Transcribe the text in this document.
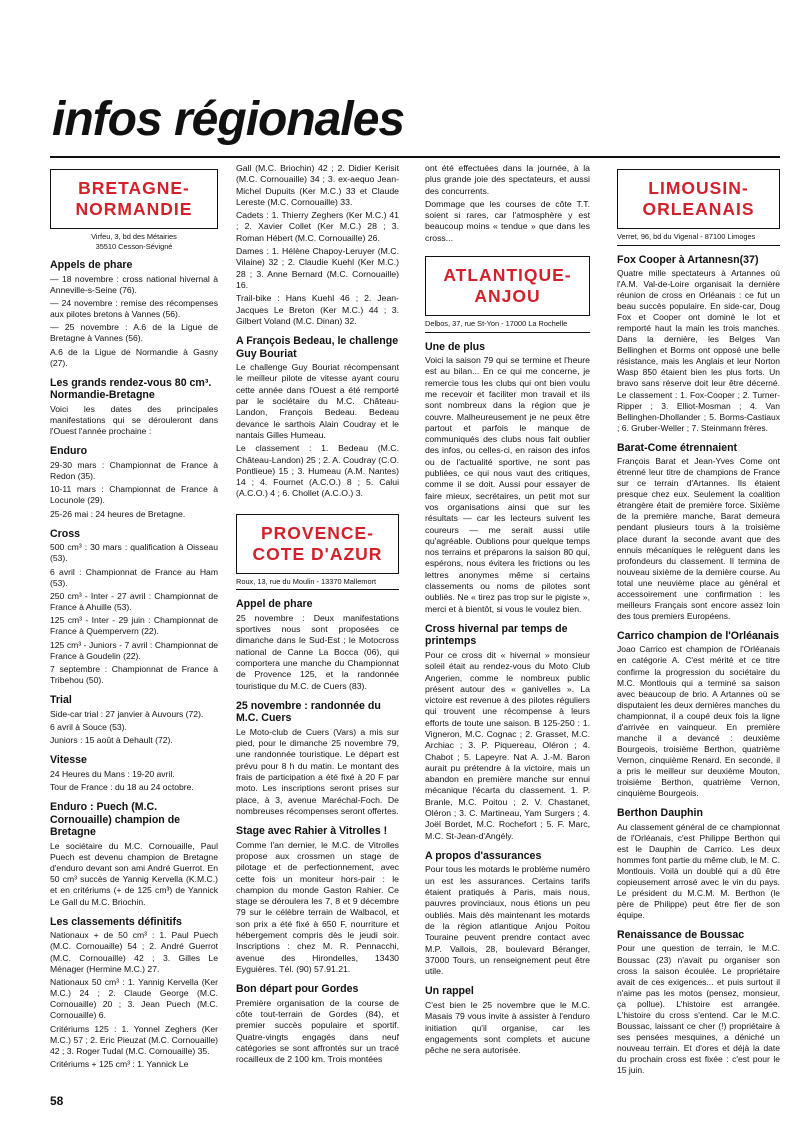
infos régionales
BRETAGNE-
NORMANDIE
Virfeu, 3, bd des Métairies
35510 Cesson-Sévigné
Appels de phare

— 18 novembre : cross national hivernal à Anneville-s-Seine (76).

— 24 novembre : remise des récompenses aux pilotes bretons à Vannes (56).

— 25 novembre : A.6 de la Ligue de Bretagne à Vannes (56).

A.6 de la Ligue de Normandie à Gasny (27).

Les grands rendez-vous 80 cm³. Normandie-Bretagne

Voici les dates des principales manifestations qui se dérouleront dans l'Ouest l'année prochaine :

Enduro

29-30 mars : Championnat de France à Redon (35).

10-11 mars : Championnat de France à Locunole (29).

25-26 mai : 24 heures de Bretagne.

Cross

500 cm³ : 30 mars : qualification à Oisseau (53).

6 avril : Championnat de France au Ham (53).

250 cm³ - Inter - 27 avril : Championnat de France à Ahuille (53).

125 cm³ - Inter - 29 juin : Championnat de France à Quempervern (22).

125 cm³ - Juniors - 7 avril : Championnat de France à Goudelin (22).

7 septembre : Championnat de France à Tribehou (50).

Trial

Side-car trial : 27 janvier à Auvours (72).

6 avril à Souce (53).

Juniors : 15 août à Dehault (72).

Vitesse

24 Heures du Mans : 19-20 avril.

Tour de France : du 18 au 24 octobre.

Enduro : Puech (M.C. Cornouaille) champion de Bretagne

Le sociétaire du M.C. Cornouaille, Paul Puech est devenu champion de Bretagne d'enduro devant son ami André Guerrot. En 50 cm³ succès de Yannig Kervella (K.M.C.) et en critériums (+ de 125 cm³) de Yannick Le Gall du M.C. Briochin.

Les classements définitifs

Nationaux + de 50 cm³ : 1. Paul Puech (M.C. Cornouaille) 54 ; 2. André Guerrot (M.C. Cornouaille) 42 ; 3. Gilles Le Ménager (Hermine M.C.) 27.

Nationaux 50 cm³ : 1. Yannig Kervella (Ker M.C.) 24 ; 2. Claude George (M.C. Cornouaille) 20 ; 3. Jean Puech (M.C. Cornouaille) 6.

Critériums 125 : 1. Yonnel Zeghers (Ker M.C.) 57 ; 2. Eric Pieuzat (M.C. Cornouaille) 42 ; 3. Roger Tudal (M.C. Cornouaille) 35.

Critériums + 125 cm³ : 1. Yannick Le

Gall (M.C. Briochin) 42 ; 2. Didier Kerisit (M.C. Cornouaille) 34 ; 3. ex-aequo Jean-Michel Dupuits (Ker M.C.) 33 et Claude Lereste (M.C. Cornouaille) 33.

Cadets : 1. Thierry Zeghers (Ker M.C.) 41 ; 2. Xavier Collet (Ker M.C.) 28 ; 3. Roman Hébert (M.C. Cornouaille) 26.

Dames : 1. Hélène Chapoy-Leruyer (M.C. Vilaine) 32 ; 2. Claudie Kuehl (Ker M.C.) 28 ; 3. Anne Bernard (M.C. Cornouaille) 16.

Trail-bike : Hans Kuehl 46 ; 2. Jean-Jacques Le Breton (Ker M.C.) 44 ; 3. Gilbert Voland (M.C. Dinan) 32.

A François Bedeau, le challenge Guy Bouriat

Le challenge Guy Bouriat récompensant le meilleur pilote de vitesse ayant couru cette année dans l'Ouest a été remporté par le sociétaire du M.C. Château-Landon, François Bedeau. Bedeau devance le sarthois Alain Coudray et le nantais Gilles Humeau.

Le classement : 1. Bedeau (M.C. Château-Landon) 25 ; 2. A. Coudray (C.O. Pontlieue) 15 ; 3. Humeau (A.M. Nantes) 14 ; 4. Fournet (A.C.O.) 8 ; 5. Calui (A.C.O.) 4 ; 6. Chollet (A.C.O.) 3.

PROVENCE-
COTE D'AZUR
Roux, 13, rue du Moulin - 13370 Mallemort
Appel de phare

25 novembre : Deux manifestations sportives nous sont proposées ce dimanche dans le Sud-Est ; le Motocross national de Canne La Bocca (06), qui comportera une manche du Championnat de Provence 125, et la randonnée touristique du M.C. de Cuers (83).

25 novembre : randonnée du M.C. Cuers

Le Moto-club de Cuers (Vars) a mis sur pied, pour le dimanche 25 novembre 79, une randonnée touristique. Le départ est prévu pour 8 h du matin. Le montant des frais de participation a été fixé à 20 F par moto. Les inscriptions seront prises sur place, à 3, avenue Maréchal-Foch. De nombreuses récompenses seront offertes.

Stage avec Rahier à Vitrolles !

Comme l'an dernier, le M.C. de Vitrolles propose aux crossmen un stage de pilotage et de perfectionnement, avec cette fois un moniteur hors-pair : le champion du monde Gaston Rahier. Ce stage se déroulera les 7, 8 et 9 décembre 79 sur le célèbre terrain de Walbacol, et son prix a été fixé à 650 F, nourriture et hébergement compris dès le jeudi soir. Inscriptions : chez M. R. Pennacchi, avenue des Hirondelles, 13430 Eyguières. Tél. (90) 57.91.21.

Bon départ pour Gordes

Première organisation de la course de côte tout-terrain de Gordes (84), et premier succès populaire et sportif. Quatre-vingts engagés dans neuf catégories se sont affrontés sur un tracé rocailleux de 2 100 km. Trois montées

ont été effectuées dans la journée, à la plus grande joie des spectateurs, et aussi des concurrents.

Dommage que les courses de côte T.T. soient si rares, car l'atmosphère y est beaucoup moins « tendue » que dans les cross...

ATLANTIQUE-
ANJOU
Delbos, 37, rue St-Yon - 17000 La Rochelle
Une de plus

Voici la saison 79 qui se termine et l'heure est au bilan... En ce qui me concerne, je remercie tous les clubs qui ont bien voulu me recevoir et faciliter mon travail et ils sont nombreux dans la région que je couvre. Malheureusement je ne peux être partout et parfois le manque de communiqués des clubs nous fait oublier des infos, ou celles-ci, en raison des infos ou de l'actualité sportive, ne sont pas publiées, ce qui nous vaut des critiques, comme il se doit. Aussi pour essayer de faire mieux, secrétaires, un petit mot sur vos organisations ainsi que sur les résultats — car les lecteurs suivent les coureurs — me serait aussi utile qu'agréable. Oublions pour quelque temps nos terrains et préparons la saison 80 qui, espérons, nous évitera les frictions ou les lettres anonymes même si certains classements ou noms de pilotes sont oubliés. Ne « tirez pas trop sur le pigiste », merci et à bientôt, si vous le voulez bien.

Cross hivernal par temps de printemps

Pour ce cross dit « hivernal » monsieur soleil était au rendez-vous du Moto Club Angerien, comme le nombreux public présent autour des « ganivelles ». La victoire est revenue à des pilotes réguliers qui trouvent une récompense à leurs efforts de toute une saison. B 125-250 : 1. Vigneron, M.C. Cognac ; 2. Grasset, M.C. Archiac ; 3. P. Piquereau, Oléron ; 4. Chabot ; 5. Lapeyre. Nat A. J.-M. Baron aurait pu prétendre à la victoire, mais un abandon en première manche sur ennui mécanique l'écarta du classement. 1. P. Branle, M.C. Poitou ; 2. V. Chastanet, Oléron ; 3. C. Martineau, Yam Surgers ; 4. Joël Bordet, M.C. Rochefort ; 5. F. Marc, M.C. St-Jean-d'Angély.

A propos d'assurances

Pour tous les motards le problème numéro un est les assurances. Certains tarifs étaient pratiqués à Paris, mais nous, pauvres provinciaux, nous étions un peu oubliés. Mais dès maintenant les motards de la région atlantique Anjou Poitou Touraine peuvent prendre contact avec M.P. Vallois, 28, boulevard Béranger, 37000 Tours, un renseignement peut être utile.

Un rappel

C'est bien le 25 novembre que le M.C. Masais 79 vous invite à assister à l'enduro initiation qu'il organise, car les engagements sont complets et aucune pêche ne sera autorisée.

LIMOUSIN-
ORLEANAIS
Verret, 96, bd du Vigenal - 87100 Limoges
Fox Cooper à Artannesn(37)

Quatre mille spectateurs à Artannes où l'A.M. Val-de-Loire organisait la dernière réunion de cross en Orléanais : ce fut un beau succès populaire. En side-car, Doug Fox et Cooper ont dominé le lot et remporté haut la main les trois manches. Dans la dernière, les Belges Van Bellinghen et Borms ont opposé une belle résistance, mais les Anglais et leur Norton Wasp 850 étaient bien les plus forts. Un bravo sans réserve doit leur être décerné. Le classement : 1. Fox-Cooper ; 2. Turner-Ripper ; 3. Elliot-Mosman ; 4. Van Bellinghen-Dhollander ; 5. Borms-Castiaux ; 6. Gruber-Weller ; 7. Steinmann frères.

Barat-Come étrennaient

François Barat et Jean-Yves Come ont étrenné leur titre de champions de France sur ce terrain d'Artannes. Ils étaient presque chez eux. Seulement la coalition étrangère était de première force. Sixième de la première manche, Barat demeura pendant plusieurs tours à la troisième place durant la seconde avant que des ennuis mécaniques le relèguent dans les profondeurs du classement. Il termina de nouveau sixième de la dernière course. Au total une neuvième place au général et accessoirement une confirmation : les meilleurs Français sont encore assez loin des tous premiers Européens.

Carrico champion de l'Orléanais

Joao Carrico est champion de l'Orléanais en catégorie A. C'est mérité et ce titre confirme la progression du sociétaire du M.C. Montlouis qui a terminé sa saison avec beaucoup de brio. A Artannes où se disputaient les deux dernières manches du championnat, il a coupé deux fois la ligne d'arrivée en vainqueur. En première manche il a devancé : deuxième Bourgeois, troisième Berthon, quatrième Vernon, cinquième Renard. En seconde, il a pris le meilleur sur deuxième Mouton, troisième Berthon, quatrième Vernon, cinquième Bourgeois.

Berthon Dauphin

Au classement général de ce championnat de l'Orléanais, c'est Philippe Berthon qui est le Dauphin de Carrico. Les deux hommes font partie du même club, le M. C. Montlouis. Voilà un doublé qui a dû être copieusement arrosé avec le vin du pays. Le président du M.C.M. M. Berthon (le père de Philippe) peut être fier de son équipe.

Renaissance de Boussac

Pour une question de terrain, le M.C. Boussac (23) n'avait pu organiser son cross la saison écoulée. Le propriétaire avait de ces exigences... et puis surtout il n'aime pas les motos (pensez, monsieur, ça pollue). L'histoire est arrangée. L'histoire du cross s'entend. Car le M.C. Boussac, laissant ce cher (!) propriétaire à ses pensées mesquines, a déniché un nouveau terrain. Et d'ores et déjà la date du prochain cross est fixée : c'est pour le 15 juin.

58
